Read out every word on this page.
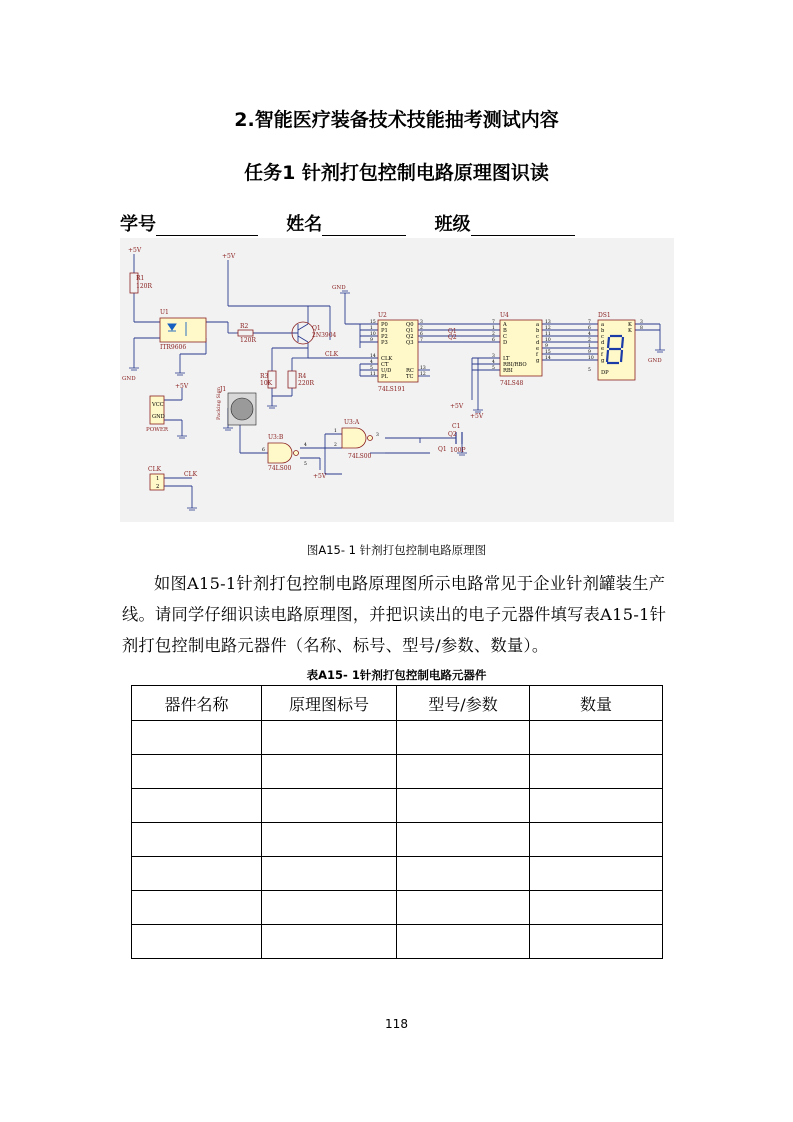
2.智能医疗装备技术技能抽考测试内容
任务1 针剂打包控制电路原理图识读
学号	姓名	班级
+5V
+5V
+5V
+5V
+5V
+5V
GND
GND
GND
R1
120R
U1
ITR9606
R2
120R
Q1
2N3904
R3
10K
R4
220R
CLK
Q1
Q2
Q2
Q1
U2
74LS191
U4
74LS48
DS1
J1
Packing Sign
POWER
CLK
CLK
U3:B
74LS00
U3:A
74LS00
C1
100P
P0
P1
P2
P3
CLK
CT
U/D
PL
Q0
Q1
Q2
Q3
RC
TC
A
B
C
D
LT
RBI/RBO
RBI
a
b
c
d
e
f
g
a
b
c
d
e
f
g
DP
K
K
VCC
GND
1
2
15
1
10
9
14
4
5
11
3
2
6
7
13
12
7
1
2
6
3
4
5
13
12
11
10
9
15
14
7
6
4
2
1
9
10
5
3
8
6
4
5
3
1
2
图A15- 1 针剂打包控制电路原理图
如图A15-1针剂打包控制电路原理图所示电路常见于企业针剂罐装生产线。请同学仔细识读电路原理图，并把识读出的电子元器件填写表A15-1针剂打包控制电路元器件（名称、标号、型号/参数、数量）。
表A15- 1针剂打包控制电路元器件
器件名称	原理图标号	型号/参数	数量

118
